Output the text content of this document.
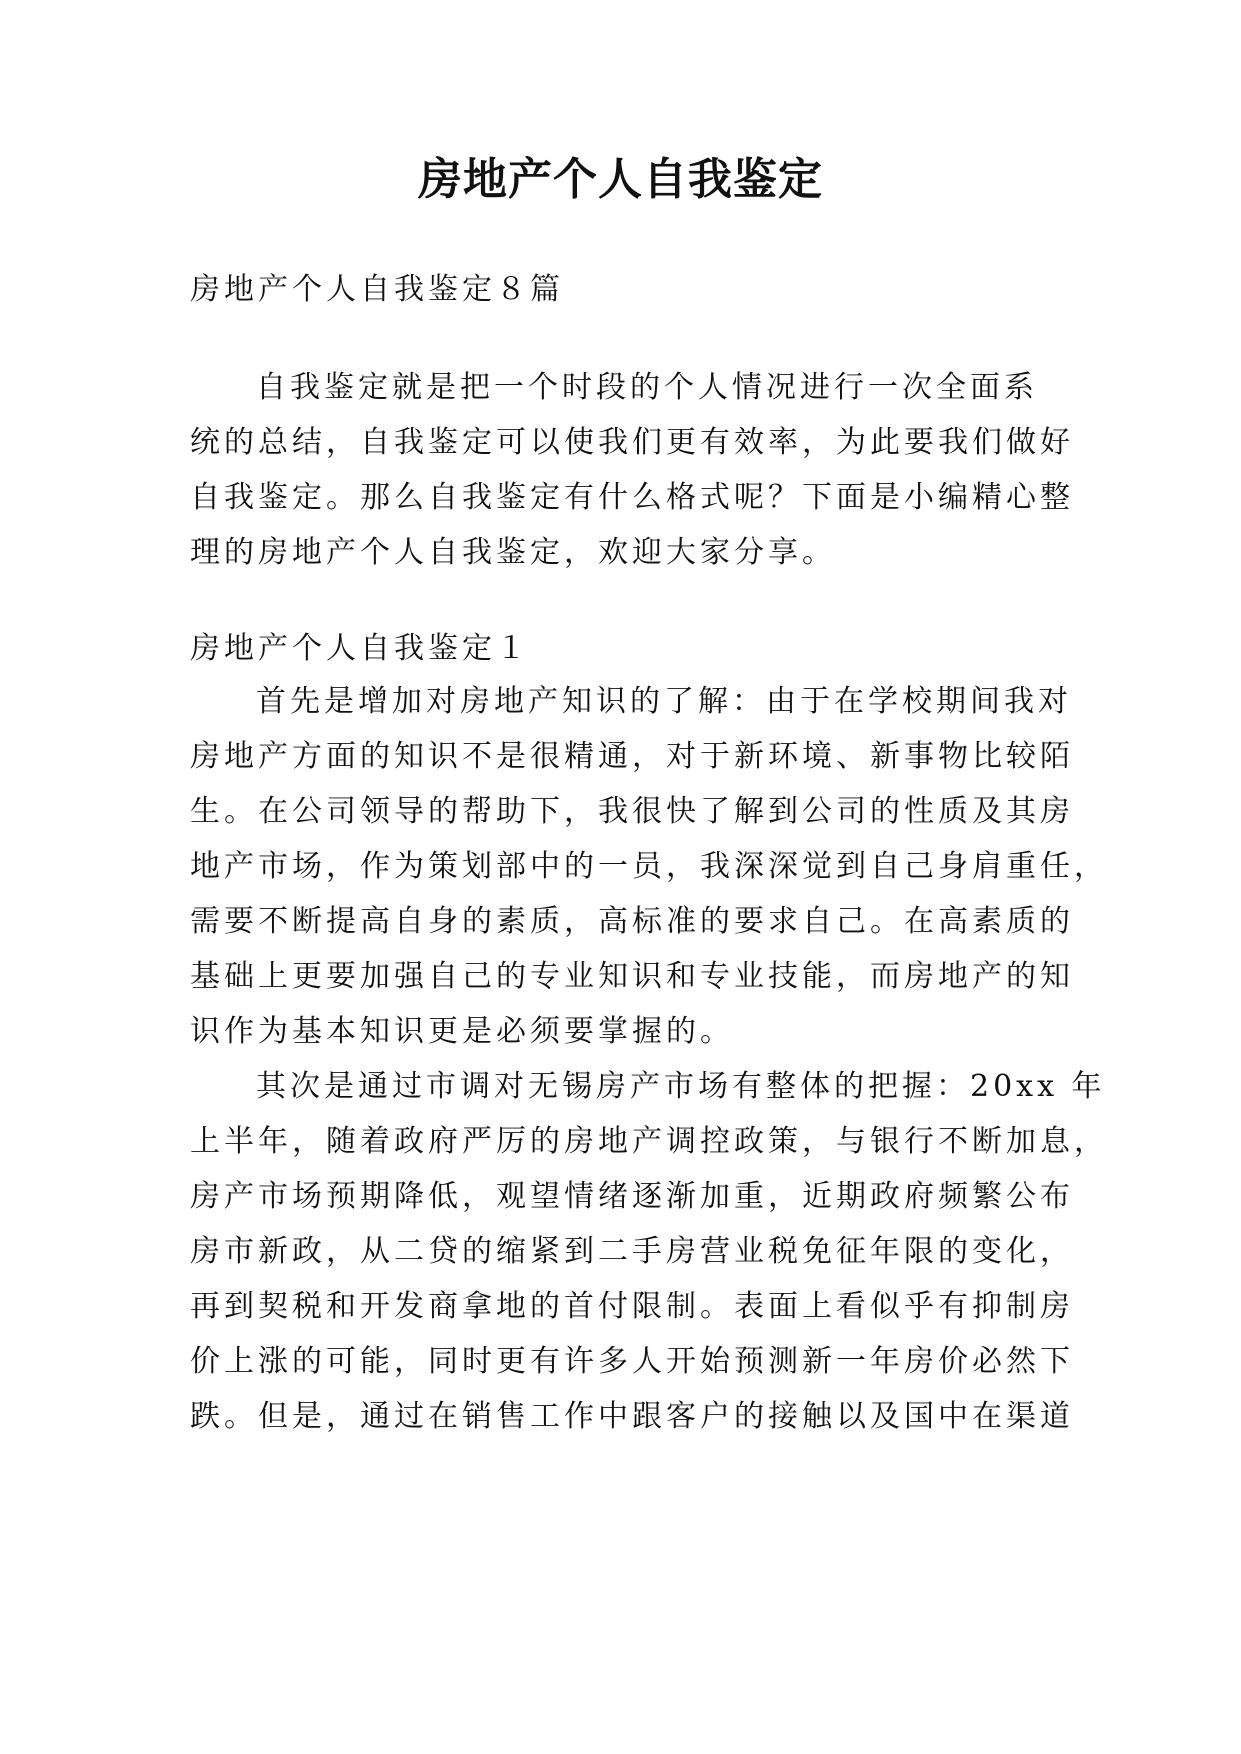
房地产个人自我鉴定

房地产个人自我鉴定８篇

自我鉴定就是把一个时段的个人情况进行一次全面系

统的总结，自我鉴定可以使我们更有效率，为此要我们做好

自我鉴定。那么自我鉴定有什么格式呢？下面是小编精心整

理的房地产个人自我鉴定，欢迎大家分享。

房地产个人自我鉴定１

首先是增加对房地产知识的了解：由于在学校期间我对

房地产方面的知识不是很精通，对于新环境、新事物比较陌

生。在公司领导的帮助下，我很快了解到公司的性质及其房

地产市场，作为策划部中的一员，我深深觉到自己身肩重任，

需要不断提高自身的素质，高标准的要求自己。在高素质的

基础上更要加强自己的专业知识和专业技能，而房地产的知

识作为基本知识更是必须要掌握的。

其次是通过市调对无锡房产市场有整体的把握：20xx 年

上半年，随着政府严厉的房地产调控政策，与银行不断加息，

房产市场预期降低，观望情绪逐渐加重，近期政府频繁公布

房市新政，从二贷的缩紧到二手房营业税免征年限的变化，

再到契税和开发商拿地的首付限制。表面上看似乎有抑制房

价上涨的可能，同时更有许多人开始预测新一年房价必然下

跌。但是，通过在销售工作中跟客户的接触以及国中在渠道
